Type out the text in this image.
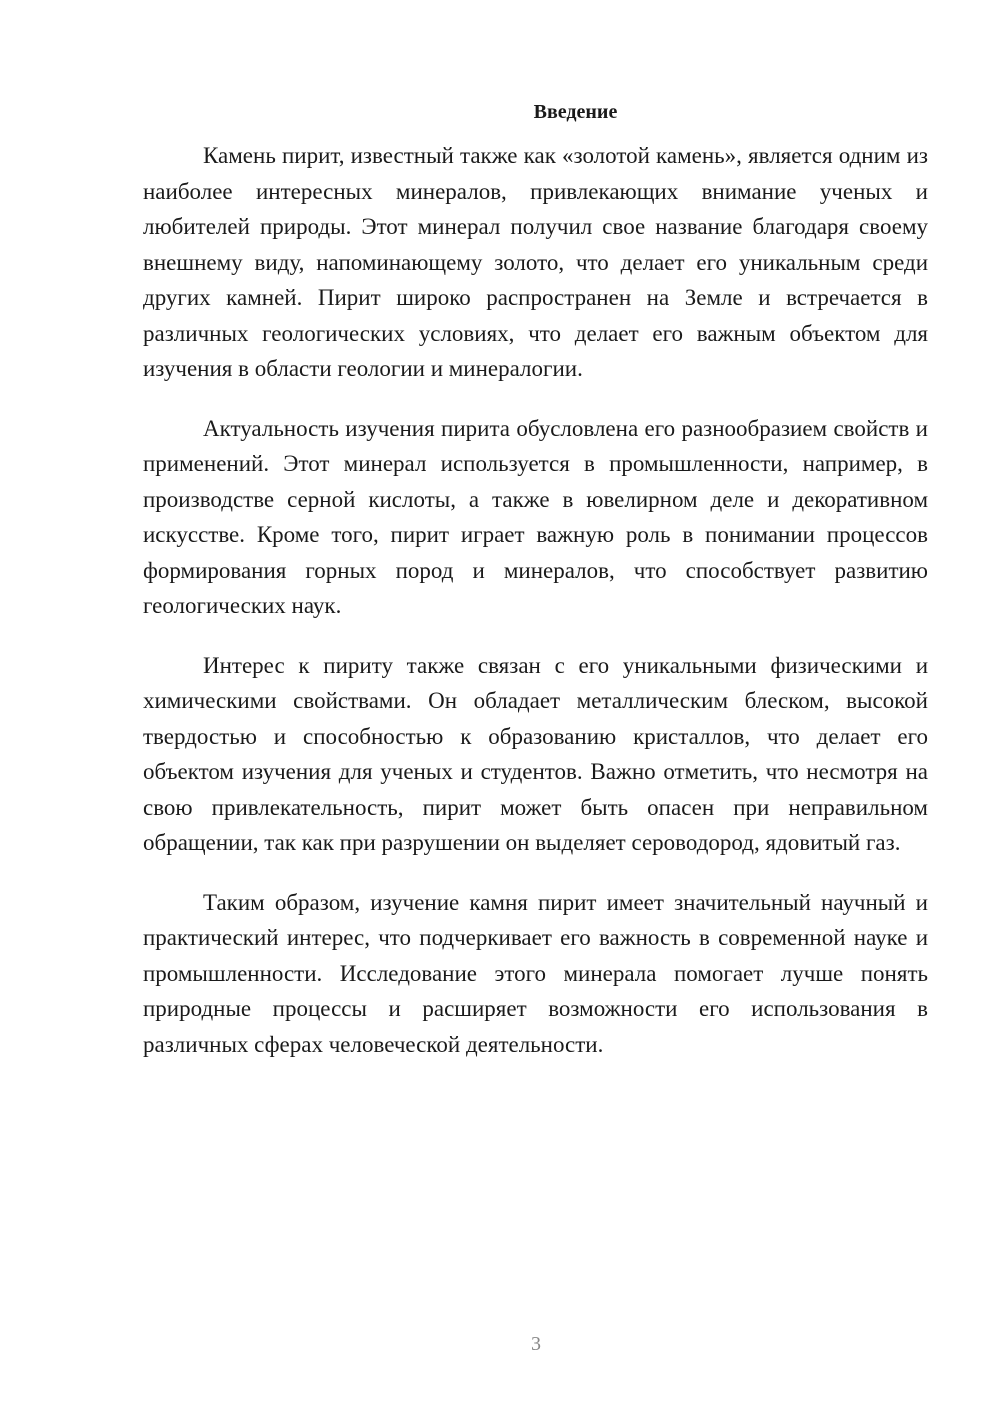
Введение

Камень пирит, известный также как «золотой камень», является одним из наиболее интересных минералов, привлекающих внимание ученых и любителей природы. Этот минерал получил свое название благодаря своему внешнему виду, напоминающему золото, что делает его уникальным среди других камней. Пирит широко распространен на Земле и встречается в различных геологических условиях, что делает его важным объектом для изучения в области геологии и минералогии.

Актуальность изучения пирита обусловлена его разнообразием свойств и применений. Этот минерал используется в промышленности, например, в производстве серной кислоты, а также в ювелирном деле и декоративном искусстве. Кроме того, пирит играет важную роль в понимании процессов формирования горных пород и минералов, что способствует развитию геологических наук.

Интерес к пириту также связан с его уникальными физическими и химическими свойствами. Он обладает металлическим блеском, высокой твердостью и способностью к образованию кристаллов, что делает его объектом изучения для ученых и студентов. Важно отметить, что несмотря на свою привлекательность, пирит может быть опасен при неправильном обращении, так как при разрушении он выделяет сероводород, ядовитый газ.

Таким образом, изучение камня пирит имеет значительный научный и практический интерес, что подчеркивает его важность в современной науке и промышленности. Исследование этого минерала помогает лучше понять природные процессы и расширяет возможности его использования в различных сферах человеческой деятельности.

3
